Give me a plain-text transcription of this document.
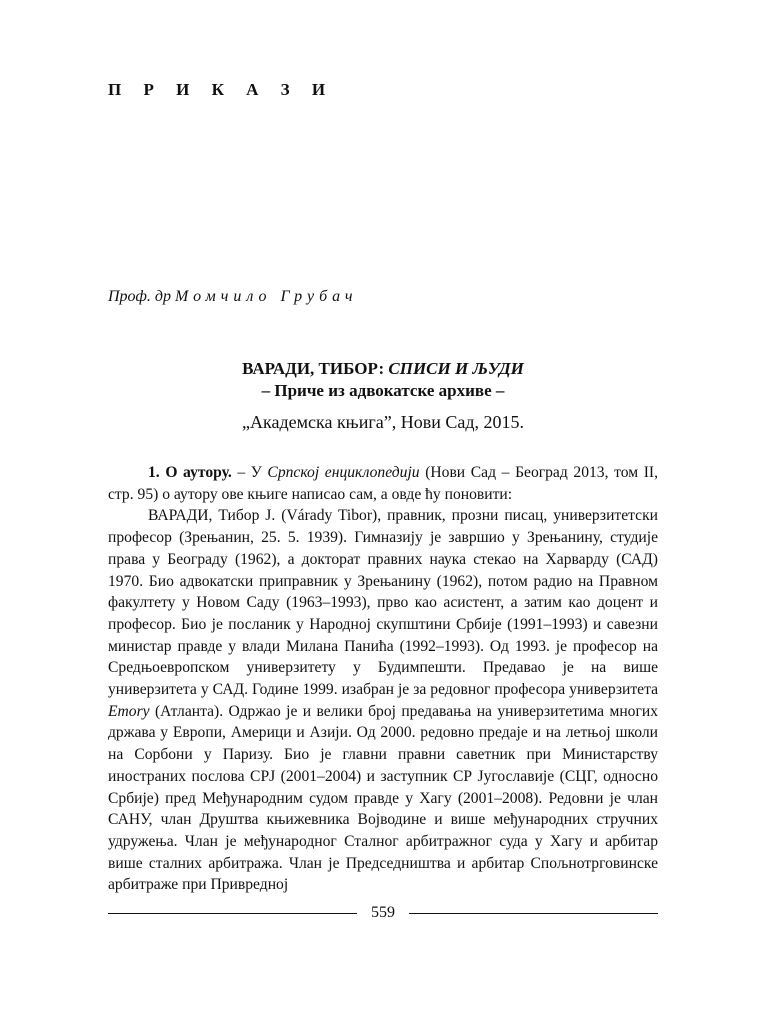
П Р И К А З И
Проф. др Момчило Грубач
ВАРАДИ, ТИБОР: СПИСИ И ЉУДИ
– Приче из адвокатске архиве –
„Академска књига”, Нови Сад, 2015.

1. О аутору. – У Српској енциклопедији (Нови Сад – Београд 2013, том II, стр. 95) о аутору ове књиге написао сам, а овде ћу поновити:

ВАРАДИ, Тибор Ј. (Várady Tibor), правник, прозни писац, универзитетски професор (Зрењанин, 25. 5. 1939). Гимназију је завршио у Зрењанину, студије права у Београду (1962), а докторат правних наука стекао на Харварду (САД) 1970. Био адвокатски приправник у Зрењанину (1962), потом радио на Правном факултету у Новом Саду (1963–1993), прво као асистент, а затим као доцент и професор. Био је посланик у Народној скупштини Србије (1991–1993) и савезни министар правде у влади Милана Панића (1992–1993). Од 1993. је професор на Средњоевропском универзитету у Будимпешти. Предавао је на више универзитета у САД. Године 1999. изабран је за редовног професора универзитета Emory (Атланта). Одржао је и велики број предавања на универзитетима многих држава у Европи, Америци и Азији. Од 2000. редовно предаје и на летњој школи на Сорбони у Паризу. Био је главни правни саветник при Министарству иностраних послова СРЈ (2001–2004) и заступник СР Југославије (СЦГ, односно Србије) пред Међународним судом правде у Хагу (2001–2008). Редовни је члан САНУ, члан Друштва књижевника Војводине и више међународних стручних удружења. Члан је међународног Сталног арбитражног суда у Хагу и арбитар више сталних арбитража. Члан је Председништва и арбитар Спољнотрговинске арбитраже при Привредној

559
